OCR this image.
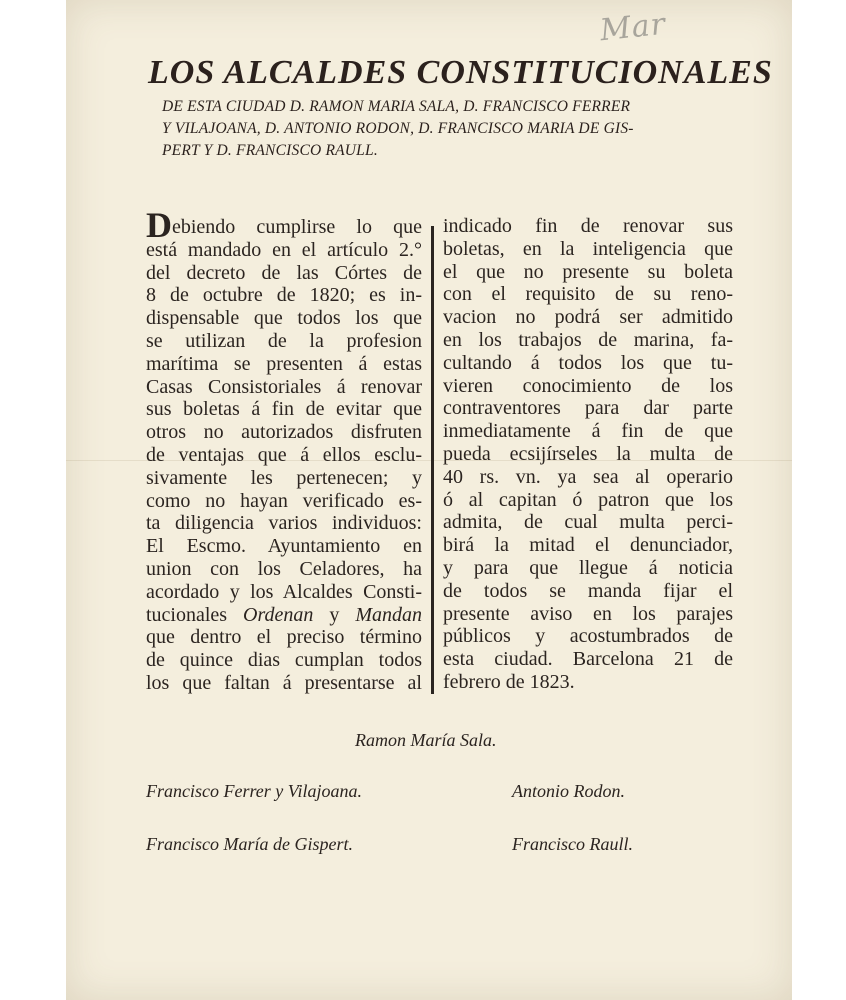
Mar
LOS ALCALDES CONSTITUCIONALES
DE ESTA CIUDAD D. RAMON MARIA SALA, D. FRANCISCO FERRER
Y VILAJOANA, D. ANTONIO RODON, D. FRANCISCO MARIA DE GIS-
PERT Y D. FRANCISCO RAULL.
Debiendo cumplirse lo que
está mandado en el artículo 2.°
del decreto de las Córtes de
8 de octubre de 1820; es in-
dispensable que todos los que
se utilizan de la profesion
marítima se presenten á estas
Casas Consistoriales á renovar
sus boletas á fin de evitar que
otros no autorizados disfruten
de ventajas que á ellos esclu-
sivamente les pertenecen; y
como no hayan verificado es-
ta diligencia varios individuos:
El Escmo. Ayuntamiento en
union con los Celadores, ha
acordado y los Alcaldes Consti-
tucionales Ordenan y Mandan
que dentro el preciso término
de quince dias cumplan todos
los que faltan á presentarse al
indicado fin de renovar sus
boletas, en la inteligencia que
el que no presente su boleta
con el requisito de su reno-
vacion no podrá ser admitido
en los trabajos de marina, fa-
cultando á todos los que tu-
vieren conocimiento de los
contraventores para dar parte
inmediatamente á fin de que
pueda ecsijírseles la multa de
40 rs. vn. ya sea al operario
ó al capitan ó patron que los
admita, de cual multa perci-
birá la mitad el denunciador,
y para que llegue á noticia
de todos se manda fijar el
presente aviso en los parajes
públicos y acostumbrados de
esta ciudad. Barcelona 21 de
febrero de 1823.
Ramon María Sala.
Francisco Ferrer y Vilajoana.	Antonio Rodon.
Francisco María de Gispert.	Francisco Raull.
